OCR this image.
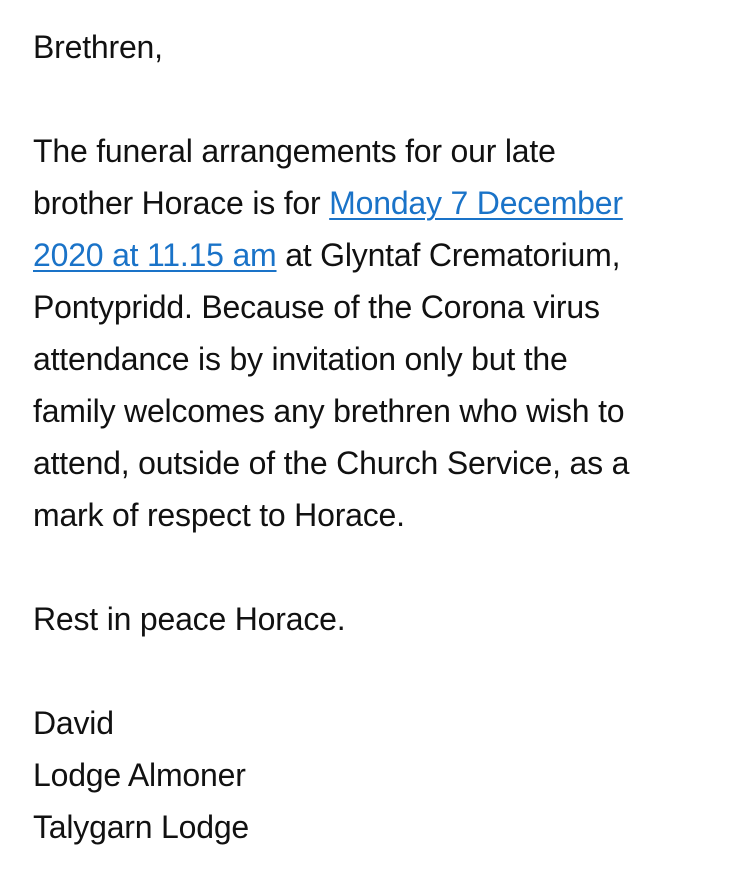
Brethren,

The funeral arrangements for our late
brother Horace is for Monday 7 December
2020 at 11.15 am at Glyntaf Crematorium,
Pontypridd. Because of the Corona virus
attendance is by invitation only but the
family welcomes any brethren who wish to
attend, outside of the Church Service, as a
mark of respect to Horace.

Rest in peace Horace.

David
Lodge Almoner
Talygarn Lodge
